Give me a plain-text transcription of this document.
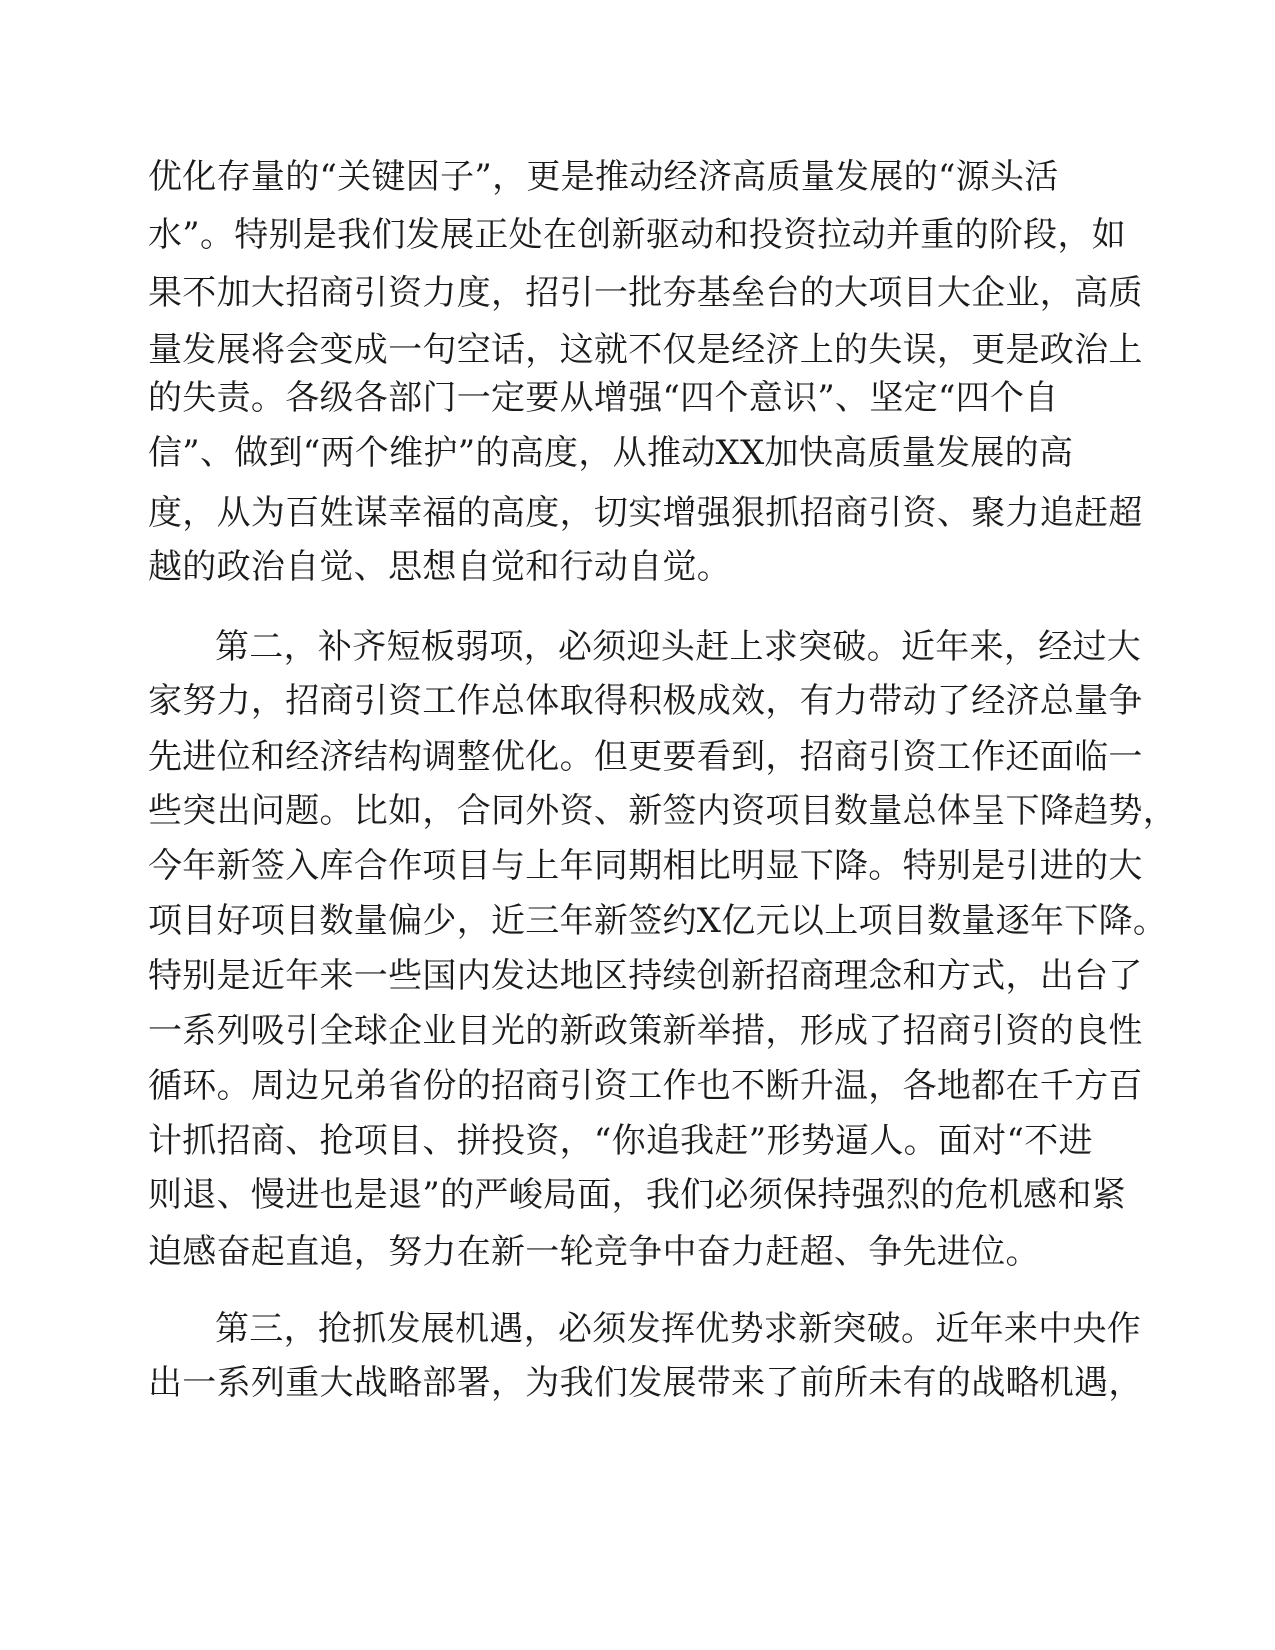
优化存量的“关键因子”，更是推动经济高质量发展的“源头活

水”。特别是我们发展正处在创新驱动和投资拉动并重的阶段，如

果不加大招商引资力度，招引一批夯基垒台的大项目大企业，高质

量发展将会变成一句空话，这就不仅是经济上的失误，更是政治上

的失责。各级各部门一定要从增强“四个意识”、坚定“四个自

信”、做到“两个维护”的高度，从推动XX加快高质量发展的高

度，从为百姓谋幸福的高度，切实增强狠抓招商引资、聚力追赶超

越的政治自觉、思想自觉和行动自觉。

第二，补齐短板弱项，必须迎头赶上求突破。近年来，经过大

家努力，招商引资工作总体取得积极成效，有力带动了经济总量争

先进位和经济结构调整优化。但更要看到，招商引资工作还面临一

些突出问题。比如，合同外资、新签内资项目数量总体呈下降趋势，

今年新签入库合作项目与上年同期相比明显下降。特别是引进的大

项目好项目数量偏少，近三年新签约X亿元以上项目数量逐年下降。

特别是近年来一些国内发达地区持续创新招商理念和方式，出台了

一系列吸引全球企业目光的新政策新举措，形成了招商引资的良性

循环。周边兄弟省份的招商引资工作也不断升温，各地都在千方百

计抓招商、抢项目、拼投资，“你追我赶”形势逼人。面对“不进

则退、慢进也是退”的严峻局面，我们必须保持强烈的危机感和紧

迫感奋起直追，努力在新一轮竞争中奋力赶超、争先进位。

第三，抢抓发展机遇，必须发挥优势求新突破。近年来中央作

出一系列重大战略部署，为我们发展带来了前所未有的战略机遇，
